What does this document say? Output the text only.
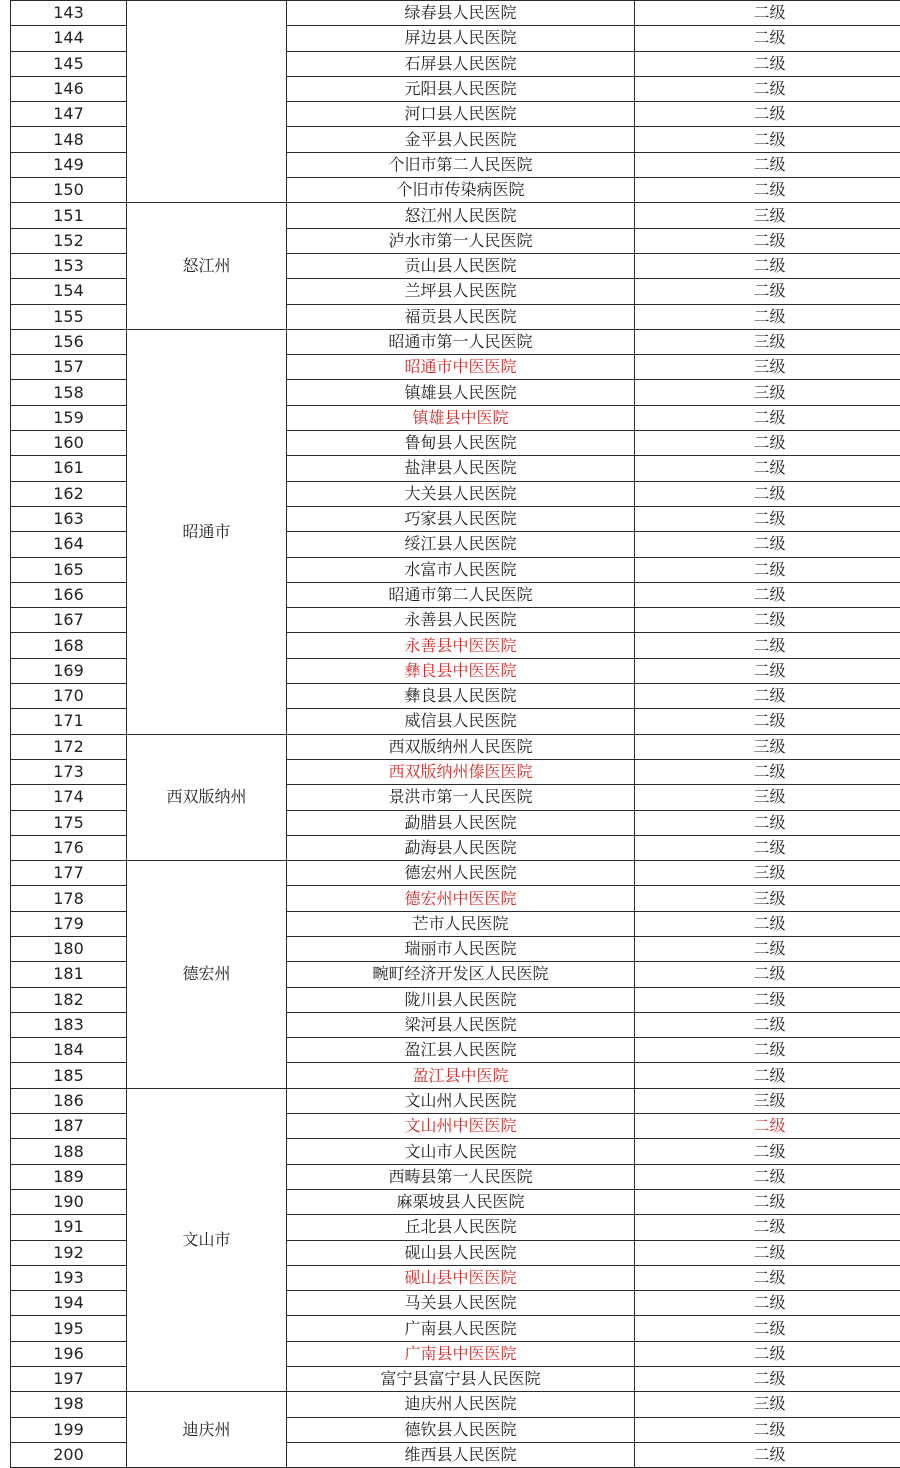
143		绿春县人民医院	二级
144		屏边县人民医院	二级
145		石屏县人民医院	二级
146		元阳县人民医院	二级
147		河口县人民医院	二级
148		金平县人民医院	二级
149		个旧市第二人民医院	二级
150		个旧市传染病医院	二级
151	怒江州	怒江州人民医院	三级
152		泸水市第一人民医院	二级
153		贡山县人民医院	二级
154		兰坪县人民医院	二级
155		福贡县人民医院	二级
156	昭通市	昭通市第一人民医院	三级
157		昭通市中医医院	三级
158		镇雄县人民医院	三级
159		镇雄县中医院	二级
160		鲁甸县人民医院	二级
161		盐津县人民医院	二级
162		大关县人民医院	二级
163		巧家县人民医院	二级
164		绥江县人民医院	二级
165		水富市人民医院	二级
166		昭通市第二人民医院	二级
167		永善县人民医院	二级
168		永善县中医医院	二级
169		彝良县中医医院	二级
170		彝良县人民医院	二级
171		威信县人民医院	二级
172	西双版纳州	西双版纳州人民医院	三级
173		西双版纳州傣医医院	二级
174		景洪市第一人民医院	三级
175		勐腊县人民医院	二级
176		勐海县人民医院	二级
177	德宏州	德宏州人民医院	三级
178		德宏州中医医院	三级
179		芒市人民医院	二级
180		瑞丽市人民医院	二级
181		畹町经济开发区人民医院	二级
182		陇川县人民医院	二级
183		梁河县人民医院	二级
184		盈江县人民医院	二级
185		盈江县中医院	二级
186	文山市	文山州人民医院	三级
187		文山州中医医院	二级
188		文山市人民医院	二级
189		西畴县第一人民医院	二级
190		麻栗坡县人民医院	二级
191		丘北县人民医院	二级
192		砚山县人民医院	二级
193		砚山县中医医院	二级
194		马关县人民医院	二级
195		广南县人民医院	二级
196		广南县中医医院	二级
197		富宁县富宁县人民医院	二级
198	迪庆州	迪庆州人民医院	三级
199		德钦县人民医院	二级
200		维西县人民医院	二级
